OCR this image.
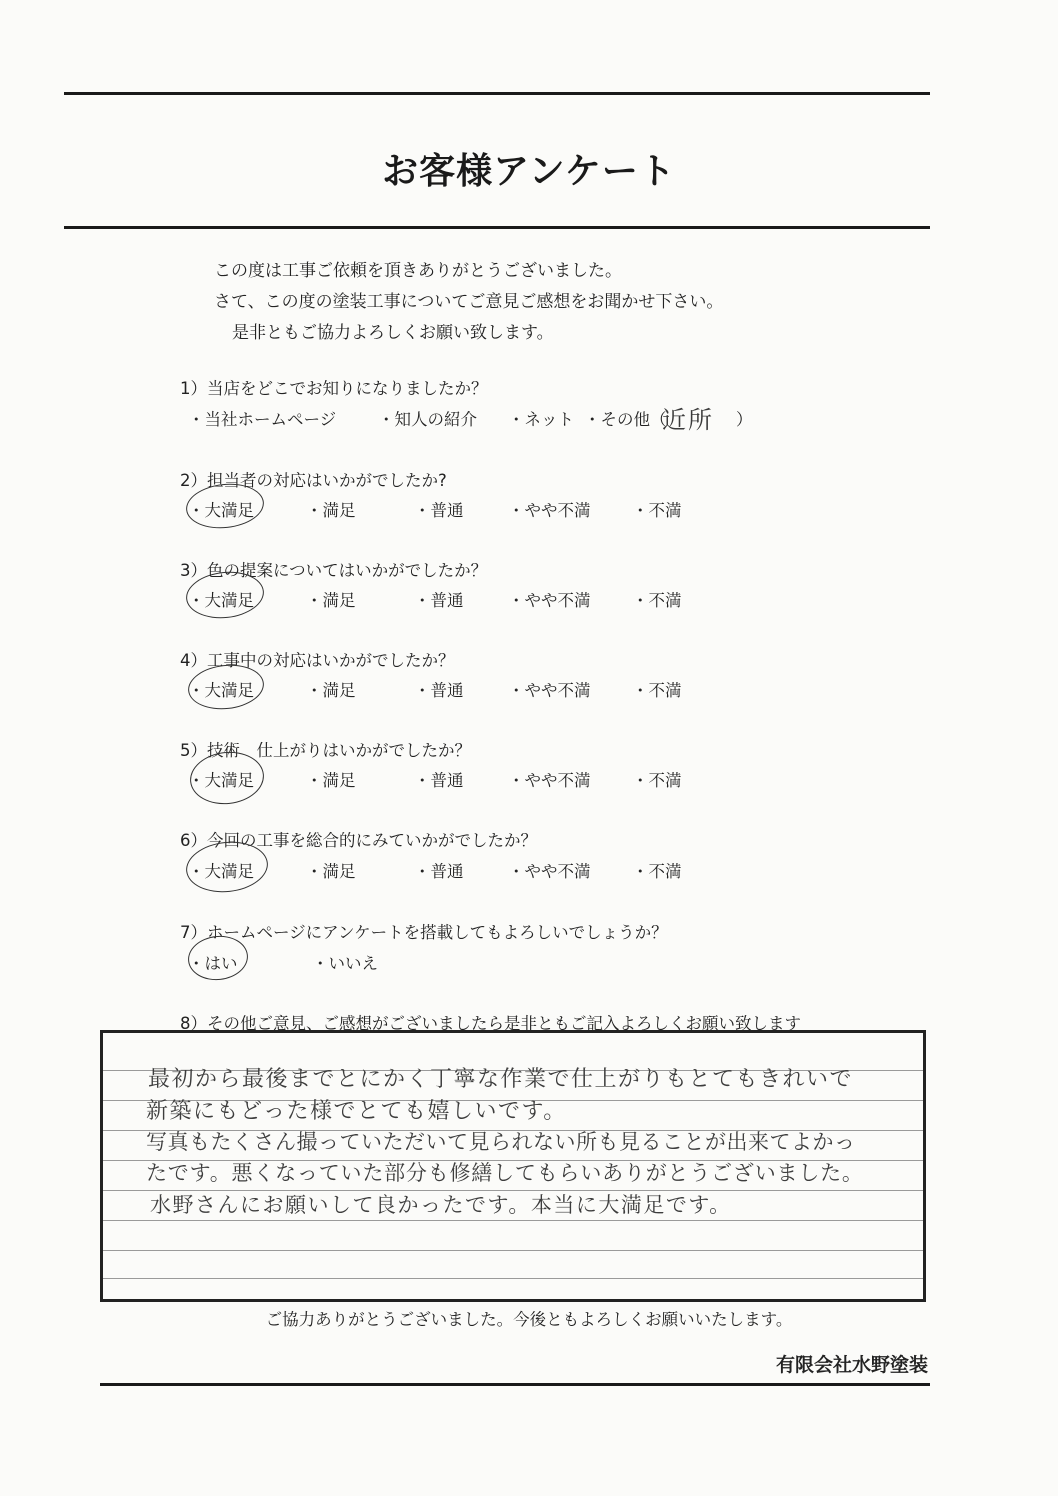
お客様アンケート
この度は工事ご依頼を頂きありがとうございました。
さて、この度の塗装工事についてご意見ご感想をお聞かせ下さい。
是非ともご協力よろしくお願い致します。
1）当店をどこでお知りになりましたか？
・当社ホームページ	・知人の紹介 ・ネット ・その他（
近所 ）
2）担当者の対応はいかがでしたか?
・大満足	・満足	・普通	・やや不満	・不満
3）色の提案についてはいかがでしたか？
・大満足	・満足	・普通	・やや不満	・不満
4）工事中の対応はいかがでしたか？
・大満足	・満足	・普通	・やや不満	・不満
5）技術　仕上がりはいかがでしたか？
・大満足	・満足	・普通	・やや不満	・不満
6）今回の工事を総合的にみていかがでしたか？
・大満足	・満足	・普通	・やや不満	・不満
7）ホームページにアンケートを搭載してもよろしいでしょうか？
・はい	・いいえ
8）その他ご意見、ご感想がございましたら是非ともご記入よろしくお願い致します
最初から最後までとにかく丁寧な作業で仕上がりもとてもきれいで
新築にもどった様でとても嬉しいです。
写真もたくさん撮っていただいて見られない所も見ることが出来てよかっ
たです。悪くなっていた部分も修繕してもらいありがとうございました。
水野さんにお願いして良かったです。本当に大満足です。
ご協力ありがとうございました。今後ともよろしくお願いいたします。
有限会社水野塗装
